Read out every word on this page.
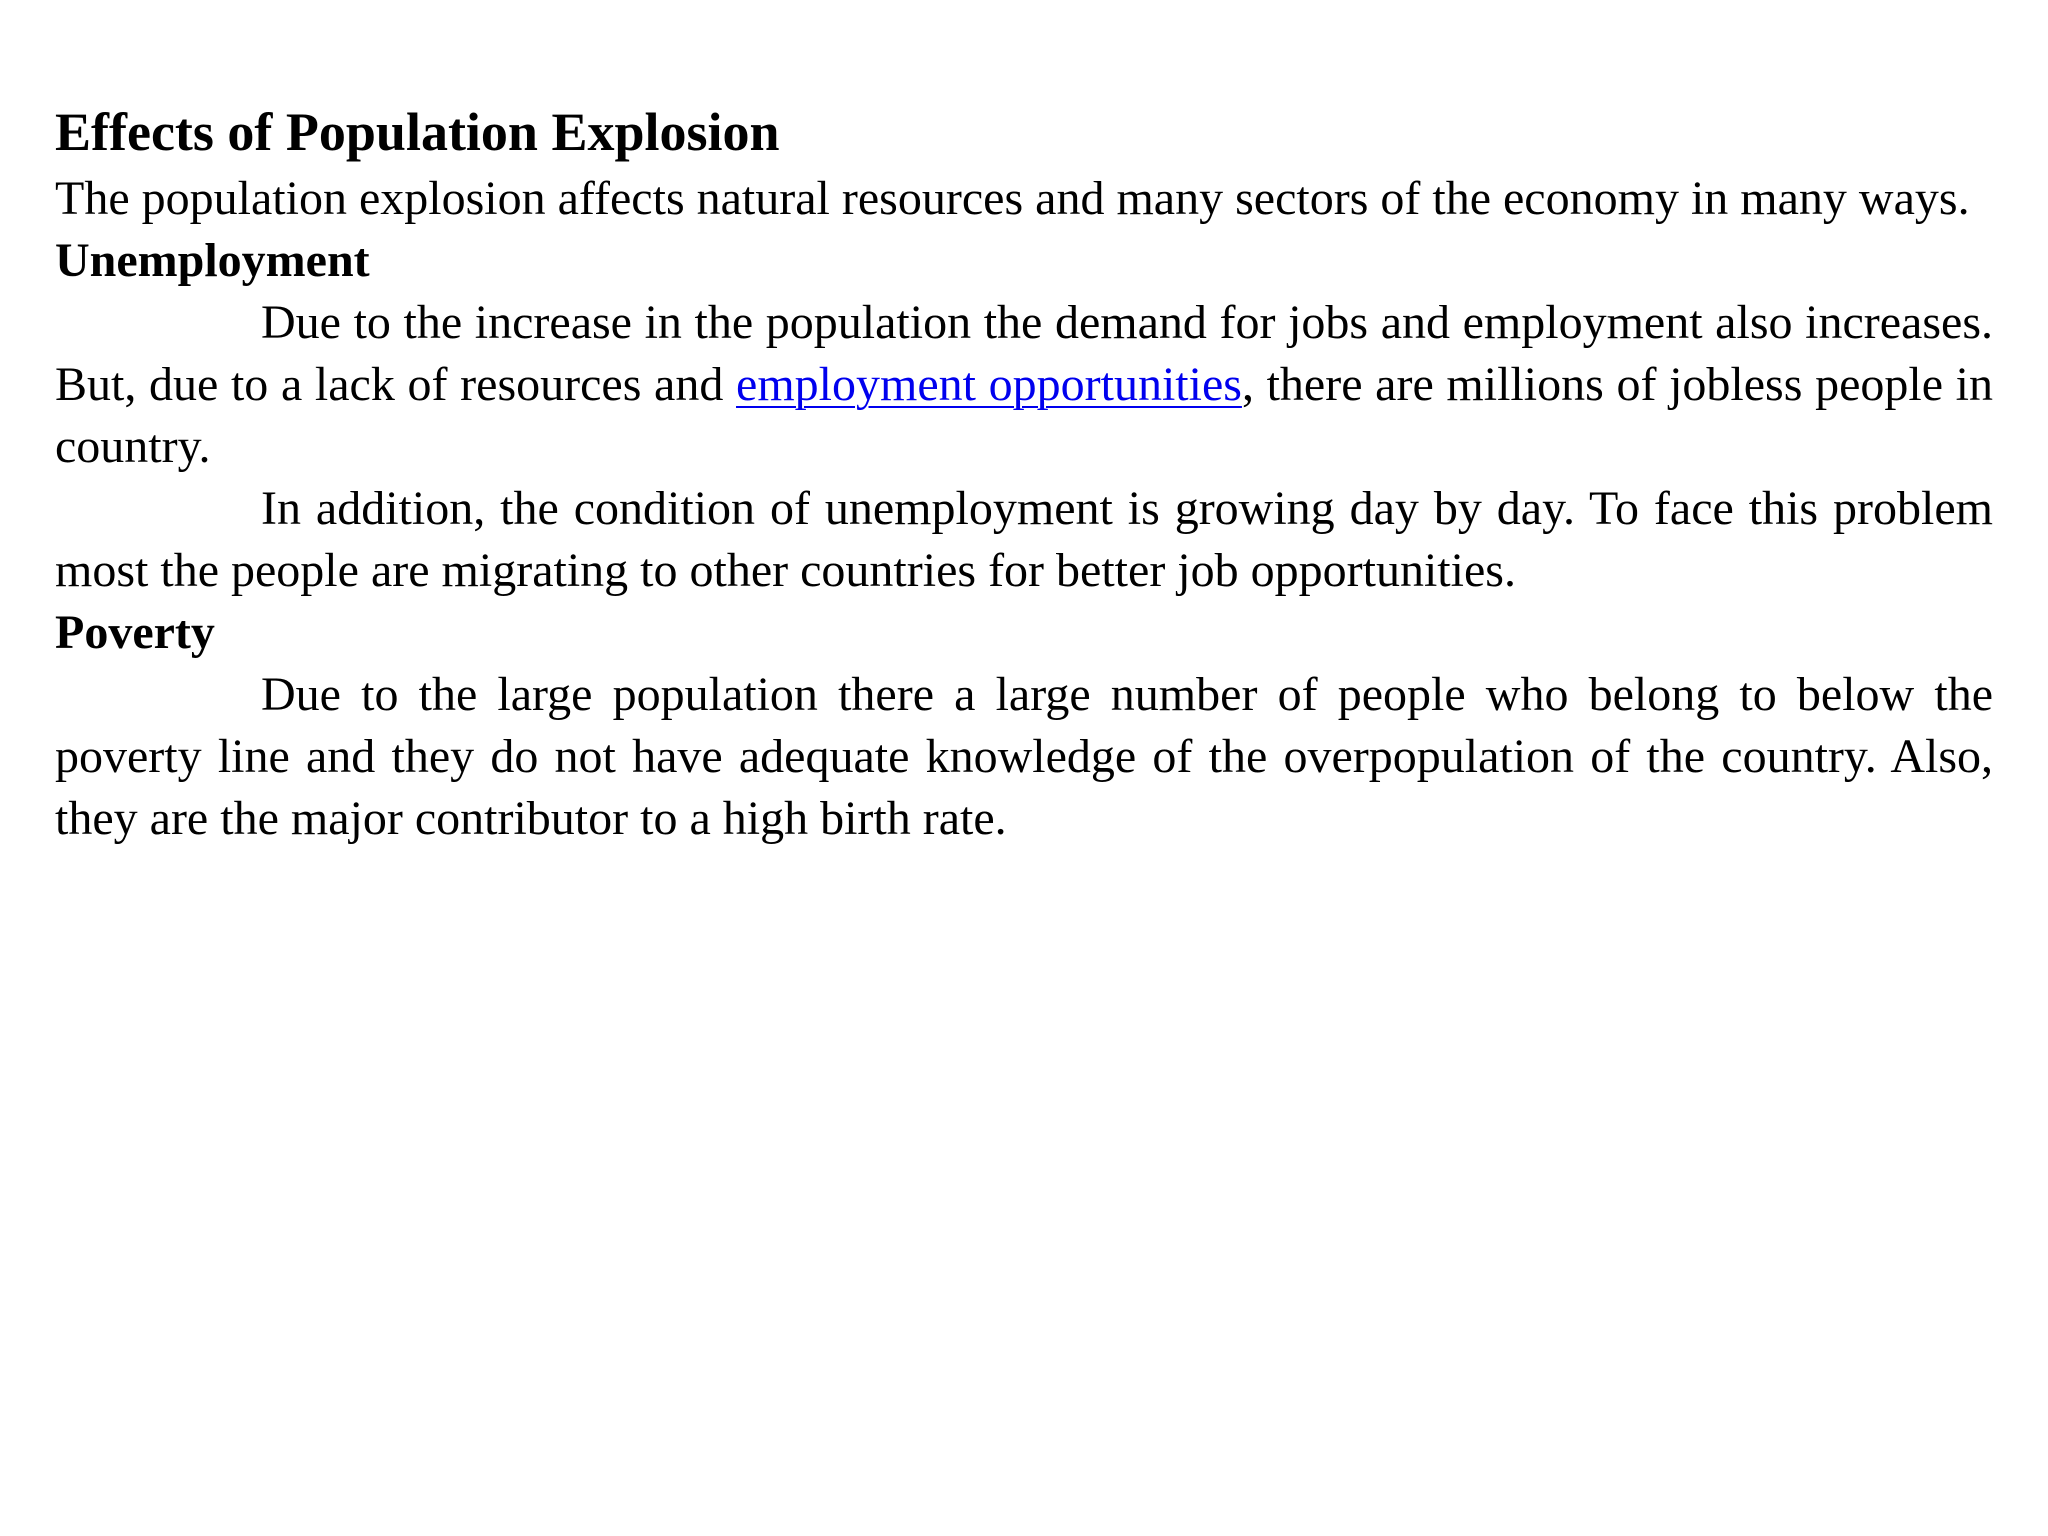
Effects of Population Explosion

The population explosion affects natural resources and many sectors of the economy in many ways.

Unemployment

Due to the increase in the population the demand for jobs and employment also increases. But, due to a lack of resources and employment opportunities, there are millions of jobless people in country.

In addition, the condition of unemployment is growing day by day. To face this problem most the people are migrating to other countries for better job opportunities.

Poverty

Due to the large population there a large number of people who belong to below the poverty line and they do not have adequate knowledge of the overpopulation of the country. Also, they are the major contributor to a high birth rate.
